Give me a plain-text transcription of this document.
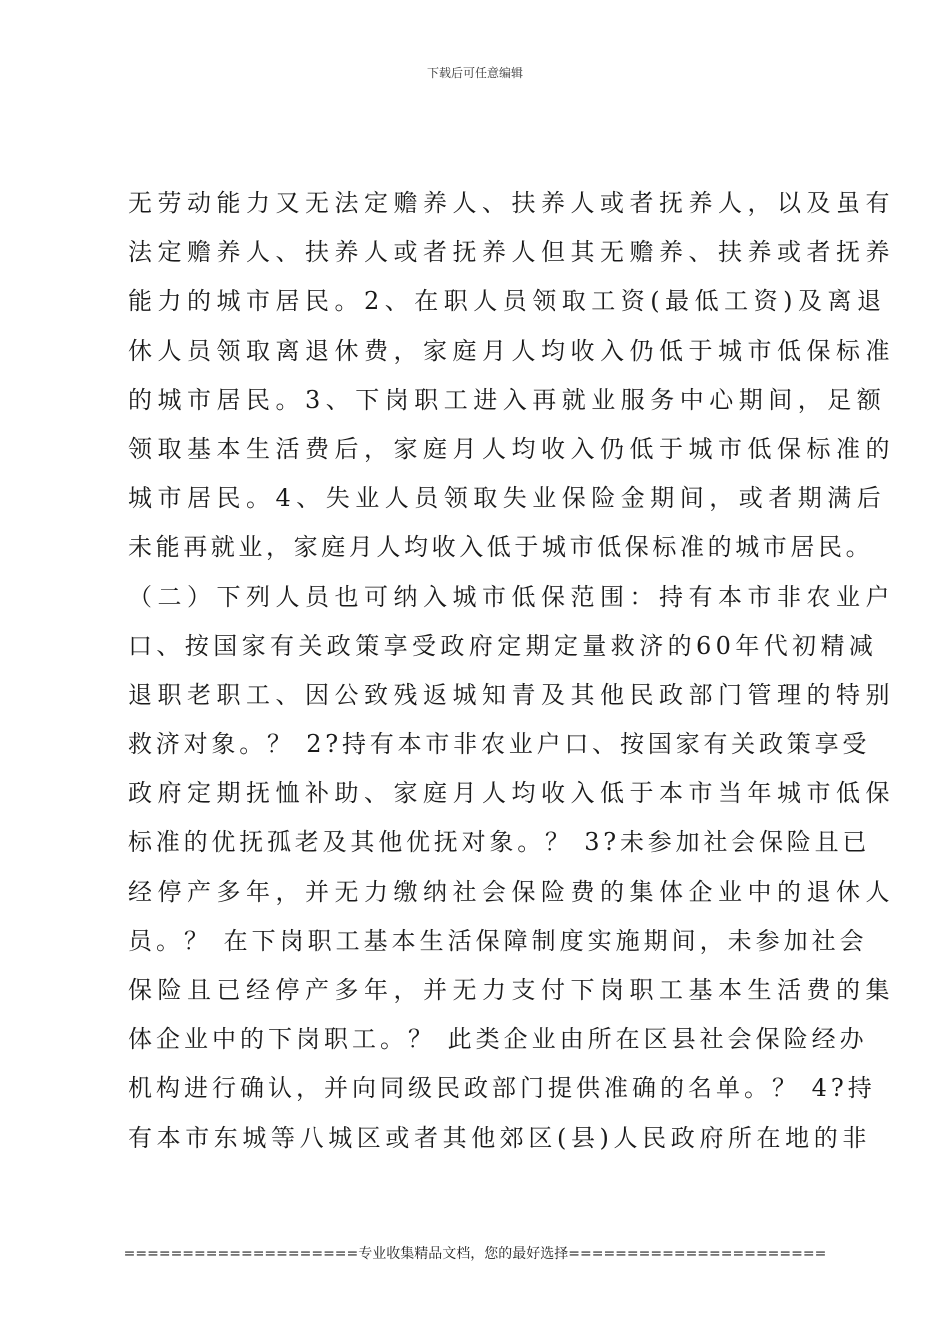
下载后可任意编辑
无劳动能力又无法定赡养人、扶养人或者抚养人，以及虽有
法定赡养人、扶养人或者抚养人但其无赡养、扶养或者抚养
能力的城市居民。2、在职人员领取工资(最低工资)及离退
休人员领取离退休费，家庭月人均收入仍低于城市低保标准
的城市居民。3、下岗职工进入再就业服务中心期间，足额
领取基本生活费后，家庭月人均收入仍低于城市低保标准的
城市居民。4、失业人员领取失业保险金期间，或者期满后
未能再就业，家庭月人均收入低于城市低保标准的城市居民。
（二）下列人员也可纳入城市低保范围：持有本市非农业户
口、按国家有关政策享受政府定期定量救济的60年代初精减
退职老职工、因公致残返城知青及其他民政部门管理的特别
救济对象。？ 2?持有本市非农业户口、按国家有关政策享受
政府定期抚恤补助、家庭月人均收入低于本市当年城市低保
标准的优抚孤老及其他优抚对象。？ 3?未参加社会保险且已
经停产多年，并无力缴纳社会保险费的集体企业中的退休人
员。？ 在下岗职工基本生活保障制度实施期间，未参加社会
保险且已经停产多年，并无力支付下岗职工基本生活费的集
体企业中的下岗职工。？ 此类企业由所在区县社会保险经办
机构进行确认，并向同级民政部门提供准确的名单。？ 4?持
有本市东城等八城区或者其他郊区(县)人民政府所在地的非
====================专业收集精品文档，您的最好选择======================
